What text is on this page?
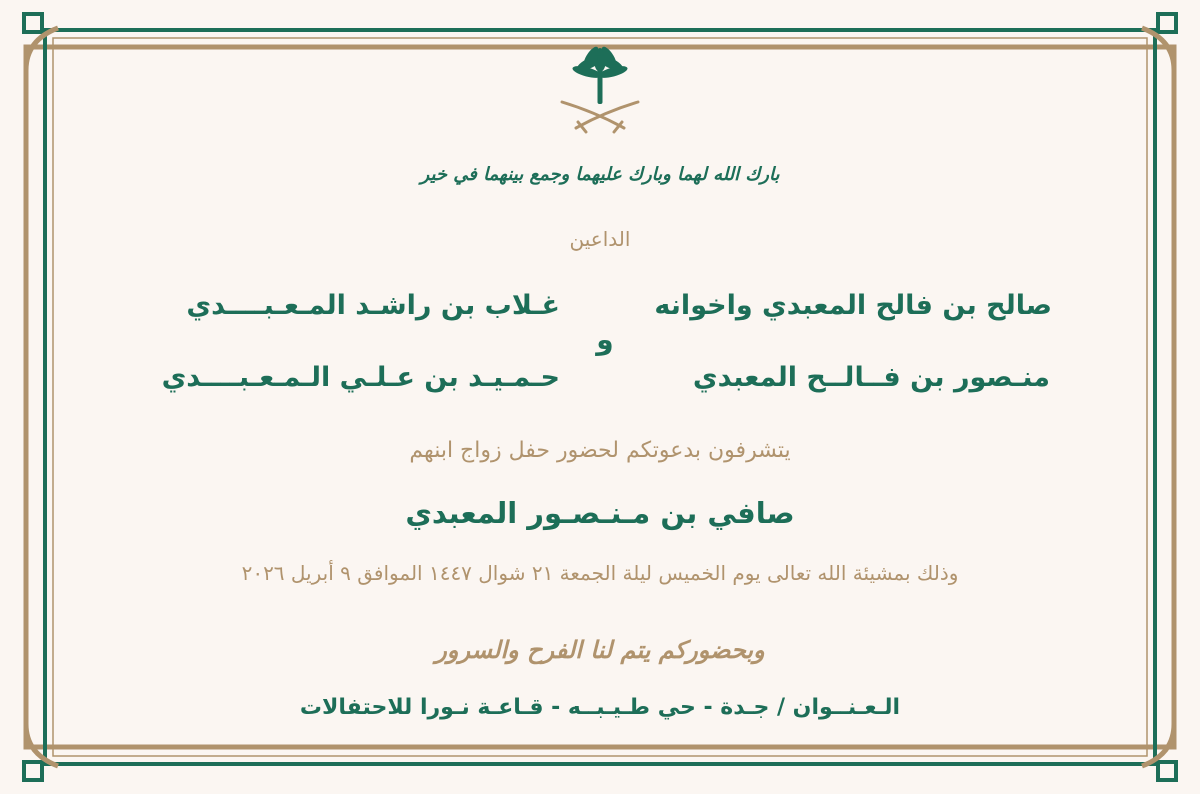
بارك الله لهما وبارك عليهما وجمع بينهما في خير
الداعين
صالح بن فالح المعبدي واخوانه
منـصور بن فــالــح المعبدي
و
غـلاب بن راشـد المـعـبــــدي
حـمـيـد بن عـلـي الـمـعـبــــدي
يتشرفون بدعوتكم لحضور حفل زواج ابنهم
صافي بن مـنـصـور المعبدي
وذلك بمشيئة الله تعالى يوم الخميس ليلة الجمعة ٢١ شوال ١٤٤٧ الموافق ٩ أبريل ٢٠٢٦
وبحضوركم يتم لنا الفرح والسرور
الـعـنــوان / جـدة - حي طـيـبــه - قـاعـة نـورا للاحتفالات
